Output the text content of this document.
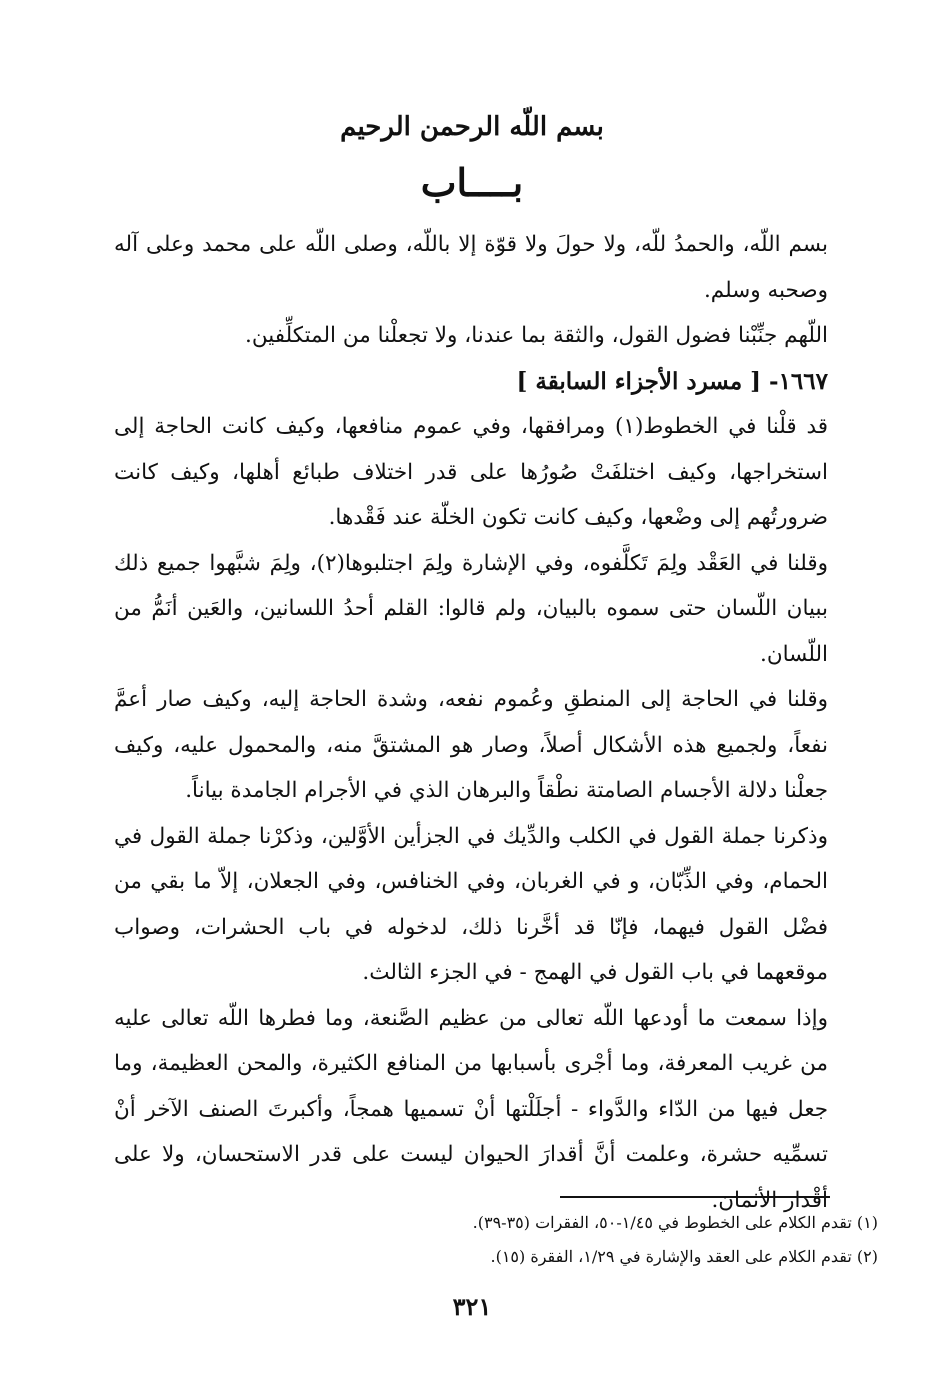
بسم اللّه الرحمن الرحيم
بــــاب

بسم اللّه، والحمدُ للّه، ولا حولَ ولا قوّة إلا باللّه، وصلى اللّه على محمد وعلى آله وصحبه وسلم.

اللّهم جنِّبْنا فضول القول، والثقة بما عندنا، ولا تجعلْنا من المتكلِّفين.

١٦٦٧- [ مسرد الأجزاء السابقة ]

قد قلْنا في الخطوط(١) ومرافقها، وفي عموم منافعها، وكيف كانت الحاجة إلى استخراجها، وكيف اختلفَتْ صُورُها على قدر اختلاف طبائع أهلها، وكيف كانت ضرورتُهم إلى وضْعها، وكيف كانت تكون الخلّة عند فَقْدها.

وقلنا في العَقْد ولِمَ تَكلَّفوه، وفي الإشارة ولِمَ اجتلبوها(٢)، ولِمَ شبَّهوا جميع ذلك ببيان اللّسان حتى سموه بالبيان، ولم قالوا: القلم أحدُ اللسانين، والعَين أنَمُّ من اللّسان.

وقلنا في الحاجة إلى المنطقِ وعُموم نفعه، وشدة الحاجة إليه، وكيف صار أعمَّ نفعاً، ولجميع هذه الأشكال أصلاً، وصار هو المشتقَّ منه، والمحمول عليه، وكيف جعلْنا دلالة الأجسام الصامتة نطْقاً والبرهان الذي في الأجرام الجامدة بياناً.

وذكرنا جملة القول في الكلب والدِّيك في الجزأين الأوَّلين، وذكرْنا جملة القول في الحمام، وفي الذِّبّان، و في الغربان، وفي الخنافس، وفي الجعلان، إلاّ ما بقي من فضْل القول فيهما، فإنّا قد أخَّرنا ذلك، لدخوله في باب الحشرات، وصواب موقعهما في باب القول في الهمج - في الجزء الثالث.

وإذا سمعت ما أودعها اللّه تعالى من عظيم الصَّنعة، وما فطرها اللّه تعالى عليه من غريب المعرفة، وما أجْرى بأسبابها من المنافع الكثيرة، والمحن العظيمة، وما جعل فيها من الدّاء والدَّواء - أجلَلْتها أنْ تسميها همجاً، وأكبرتَ الصنف الآخر أنْ تسمِّيه حشرة، وعلمت أنَّ أقدارَ الحيوان ليست على قدر الاستحسان، ولا على أقْدار الأثمان.

(١) تقدم الكلام على الخطوط في ١/٤٥-٥٠، الفقرات (٣٥-٣٩).
(٢) تقدم الكلام على العقد والإشارة في ١/٢٩، الفقرة (١٥).
٣٢١
